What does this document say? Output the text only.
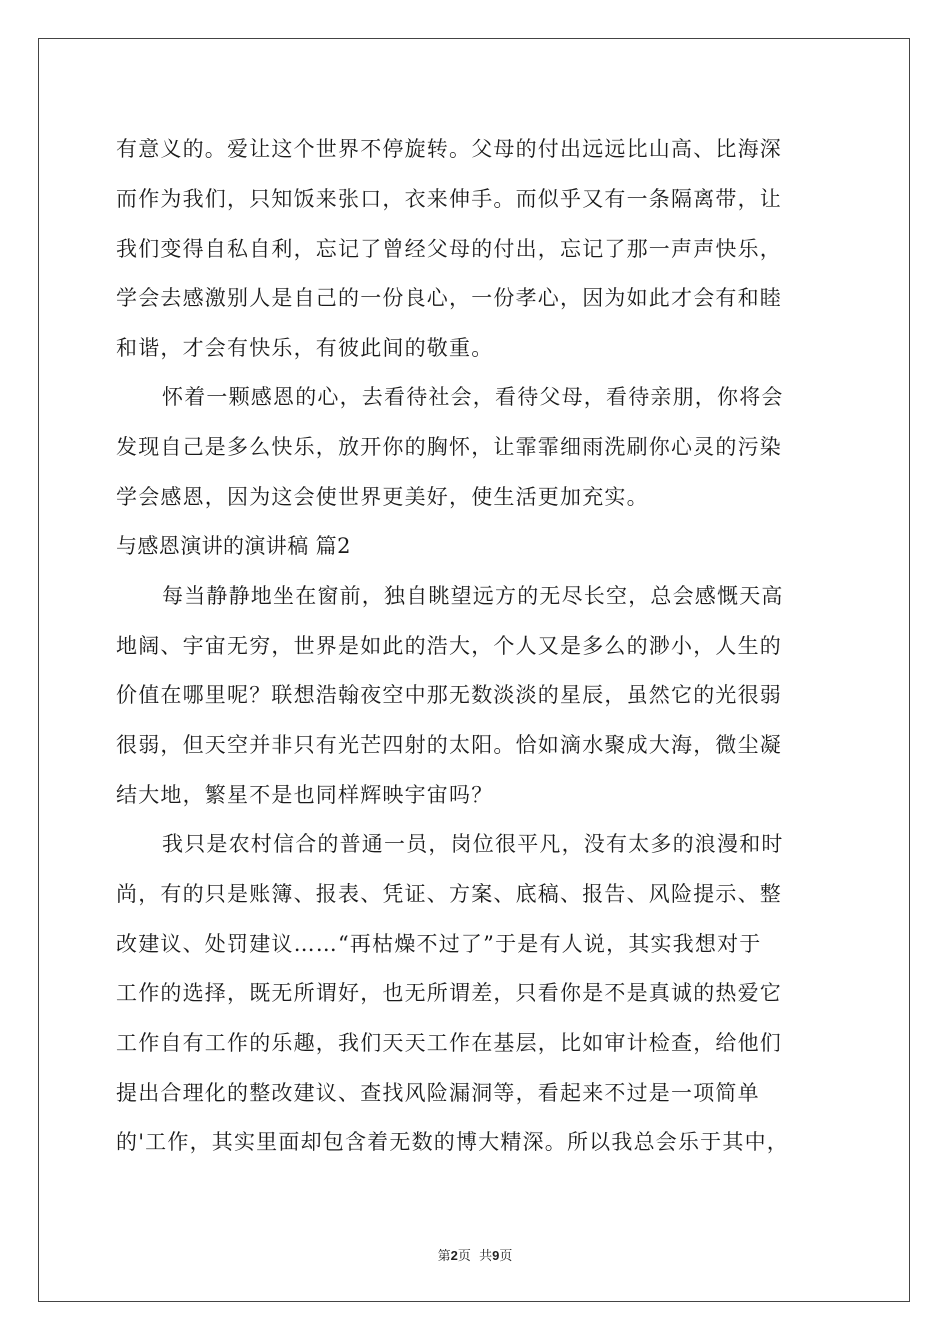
有意义的。爱让这个世界不停旋转。父母的付出远远比山高、比海深
而作为我们，只知饭来张口，衣来伸手。而似乎又有一条隔离带，让
我们变得自私自利，忘记了曾经父母的付出，忘记了那一声声快乐，
学会去感激别人是自己的一份良心，一份孝心，因为如此才会有和睦
和谐，才会有快乐，有彼此间的敬重。
怀着一颗感恩的心，去看待社会，看待父母，看待亲朋，你将会
发现自己是多么快乐，放开你的胸怀，让霏霏细雨洗刷你心灵的污染
学会感恩，因为这会使世界更美好，使生活更加充实。
与感恩演讲的演讲稿 篇2
每当静静地坐在窗前，独自眺望远方的无尽长空，总会感慨天高
地阔、宇宙无穷，世界是如此的浩大，个人又是多么的渺小，人生的
价值在哪里呢？联想浩翰夜空中那无数淡淡的星辰，虽然它的光很弱
很弱，但天空并非只有光芒四射的太阳。恰如滴水聚成大海，微尘凝
结大地，繁星不是也同样辉映宇宙吗？
我只是农村信合的普通一员，岗位很平凡，没有太多的浪漫和时
尚，有的只是账簿、报表、凭证、方案、底稿、报告、风险提示、整
改建议、处罚建议……“再枯燥不过了”于是有人说，其实我想对于
工作的选择，既无所谓好，也无所谓差，只看你是不是真诚的热爱它
工作自有工作的乐趣，我们天天工作在基层，比如审计检查，给他们
提出合理化的整改建议、查找风险漏洞等，看起来不过是一项简单
的'工作，其实里面却包含着无数的博大精深。所以我总会乐于其中，
第2页  共9页
